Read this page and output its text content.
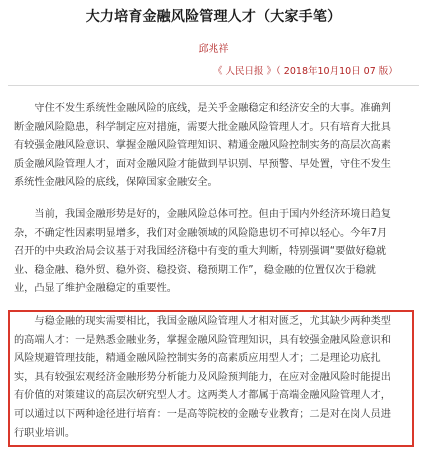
大力培育金融风险管理人才（大家手笔）
邱兆祥
《 人民日报 》（ 2018年10月10日 07 版）

守住不发生系统性金融风险的底线，是关乎金融稳定和经济安全的大事。准确判
断金融风险隐患，科学制定应对措施，需要大批金融风险管理人才。只有培育大批具
有较强金融风险意识、掌握金融风险管理知识、精通金融风险控制实务的高层次高素
质金融风险管理人才，面对金融风险才能做到早识别、早预警、早处置，守住不发生
系统性金融风险的底线，保障国家金融安全。

当前，我国金融形势是好的，金融风险总体可控。但由于国内外经济环境日趋复
杂，不确定性因素明显增多，我们对金融领域的风险隐患切不可掉以轻心。今年7月
召开的中央政治局会议基于对我国经济稳中有变的重大判断，特别强调“要做好稳就
业、稳金融、稳外贸、稳外资、稳投资、稳预期工作”，稳金融的位置仅次于稳就
业，凸显了维护金融稳定的重要性。

与稳金融的现实需要相比，我国金融风险管理人才相对匮乏，尤其缺少两种类型
的高端人才：一是熟悉金融业务，掌握金融风险管理知识，具有较强金融风险意识和
风险规避管理技能，精通金融风险控制实务的高素质应用型人才；二是理论功底扎
实，具有较强宏观经济金融形势分析能力及风险预判能力，在应对金融风险时能提出
有价值的对策建议的高层次研究型人才。这两类人才都属于高端金融风险管理人才，
可以通过以下两种途径进行培育：一是高等院校的金融专业教育；二是对在岗人员进
行职业培训。
